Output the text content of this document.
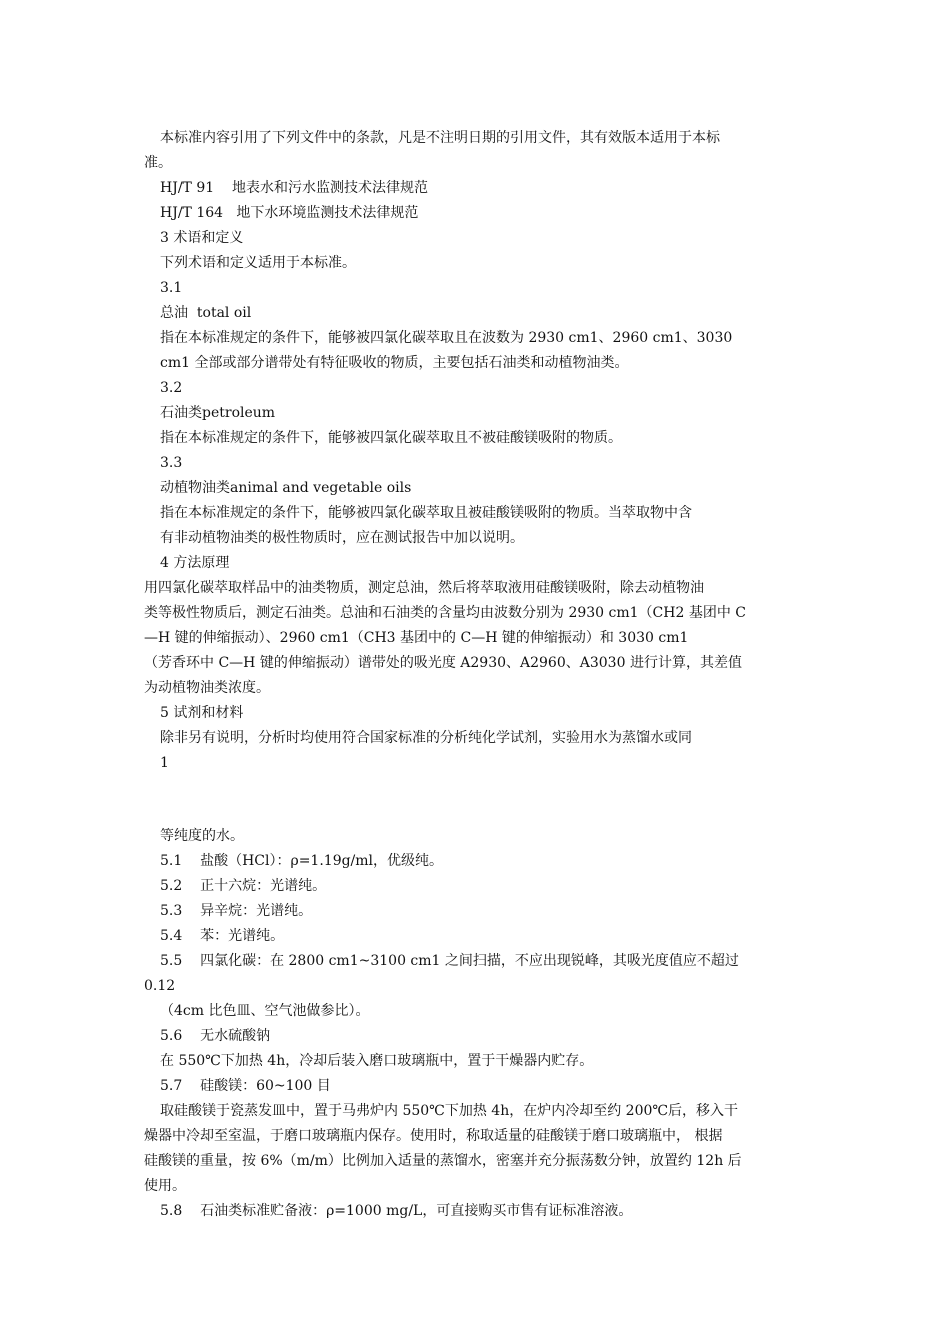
本标准内容引用了下列文件中的条款，凡是不注明日期的引用文件，其有效版本适用于本标
准。
HJ/T 91    地表水和污水监测技术法律规范
HJ/T 164   地下水环境监测技术法律规范
3 术语和定义
下列术语和定义适用于本标准。
3.1
总油  total oil
指在本标准规定的条件下，能够被四氯化碳萃取且在波数为 2930 cm1、2960 cm1、3030
cm1 全部或部分谱带处有特征吸收的物质，主要包括石油类和动植物油类。
3.2
石油类petroleum
指在本标准规定的条件下，能够被四氯化碳萃取且不被硅酸镁吸附的物质。
3.3
动植物油类animal and vegetable oils
指在本标准规定的条件下，能够被四氯化碳萃取且被硅酸镁吸附的物质。当萃取物中含
有非动植物油类的极性物质时，应在测试报告中加以说明。
4 方法原理
用四氯化碳萃取样品中的油类物质，测定总油，然后将萃取液用硅酸镁吸附，除去动植物油
类等极性物质后，测定石油类。总油和石油类的含量均由波数分别为 2930 cm1（CH2 基团中 C
—H 键的伸缩振动）、2960 cm1（CH3 基团中的 C—H 键的伸缩振动）和 3030 cm1
（芳香环中 C—H 键的伸缩振动）谱带处的吸光度 A2930、A2960、A3030 进行计算，其差值
为动植物油类浓度。
5 试剂和材料
除非另有说明，分析时均使用符合国家标准的分析纯化学试剂，实验用水为蒸馏水或同
1
等纯度的水。
5.1    盐酸（HCl）：ρ=1.19g/ml，优级纯。
5.2    正十六烷：光谱纯。
5.3    异辛烷：光谱纯。
5.4    苯：光谱纯。
5.5    四氯化碳：在 2800 cm1~3100 cm1 之间扫描，不应出现锐峰，其吸光度值应不超过
0.12
（4cm 比色皿、空气池做参比）。
5.6    无水硫酸钠
在 550℃下加热 4h，冷却后装入磨口玻璃瓶中，置于干燥器内贮存。
5.7    硅酸镁：60~100 目
取硅酸镁于瓷蒸发皿中，置于马弗炉内 550℃下加热 4h，在炉内冷却至约 200℃后，移入干
燥器中冷却至室温，于磨口玻璃瓶内保存。使用时，称取适量的硅酸镁于磨口玻璃瓶中， 根据
硅酸镁的重量，按 6%（m/m）比例加入适量的蒸馏水，密塞并充分振荡数分钟，放置约 12h 后
使用。
5.8    石油类标准贮备液：ρ=1000 mg/L，可直接购买市售有证标准溶液。
